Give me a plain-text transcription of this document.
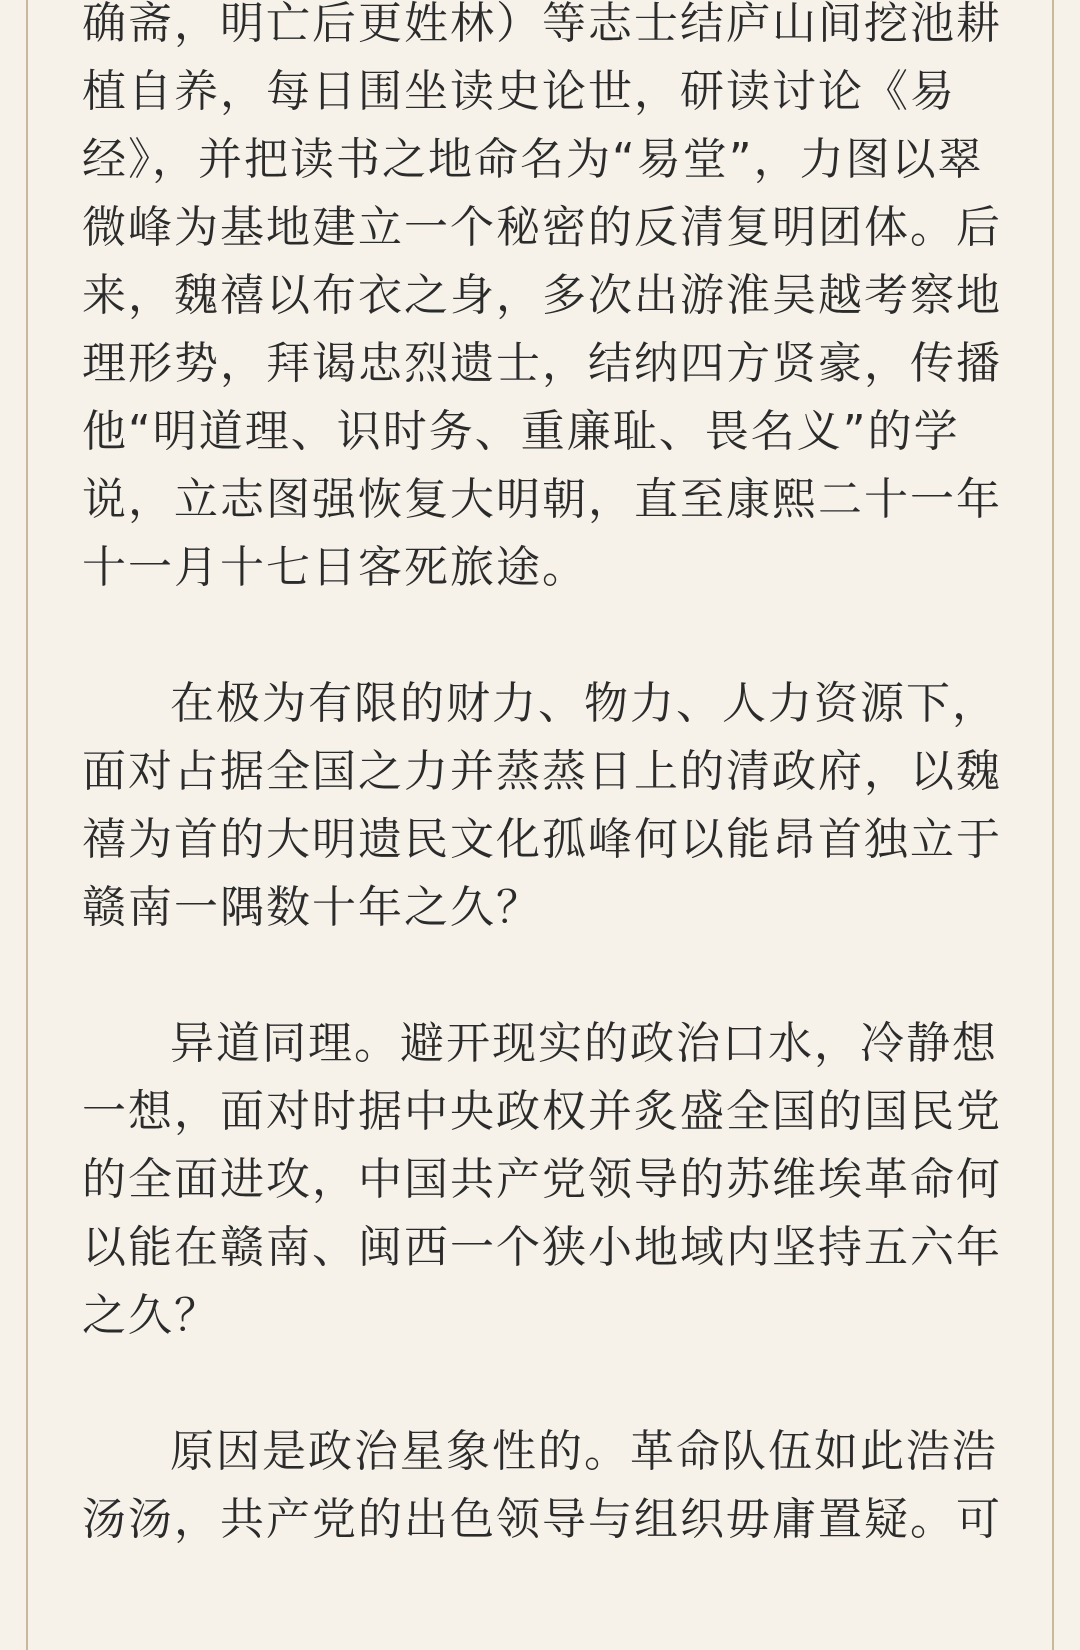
确斋，明亡后更姓林）等志士结庐山间挖池耕
植自养，每日围坐读史论世，研读讨论《易
经》，并把读书之地命名为“易堂”，力图以翠
微峰为基地建立一个秘密的反清复明团体。后
来，魏禧以布衣之身，多次出游淮吴越考察地
理形势，拜谒忠烈遗士，结纳四方贤豪，传播
他“明道理、识时务、重廉耻、畏名义”的学
说，立志图强恢复大明朝，直至康熙二十一年
十一月十七日客死旅途。

在极为有限的财力、物力、人力资源下，
面对占据全国之力并蒸蒸日上的清政府，以魏
禧为首的大明遗民文化孤峰何以能昂首独立于
赣南一隅数十年之久？

异道同理。避开现实的政治口水，冷静想
一想，面对时据中央政权并炙盛全国的国民党
的全面进攻，中国共产党领导的苏维埃革命何
以能在赣南、闽西一个狭小地域内坚持五六年
之久？

原因是政治星象性的。革命队伍如此浩浩
汤汤，共产党的出色领导与组织毋庸置疑。可
